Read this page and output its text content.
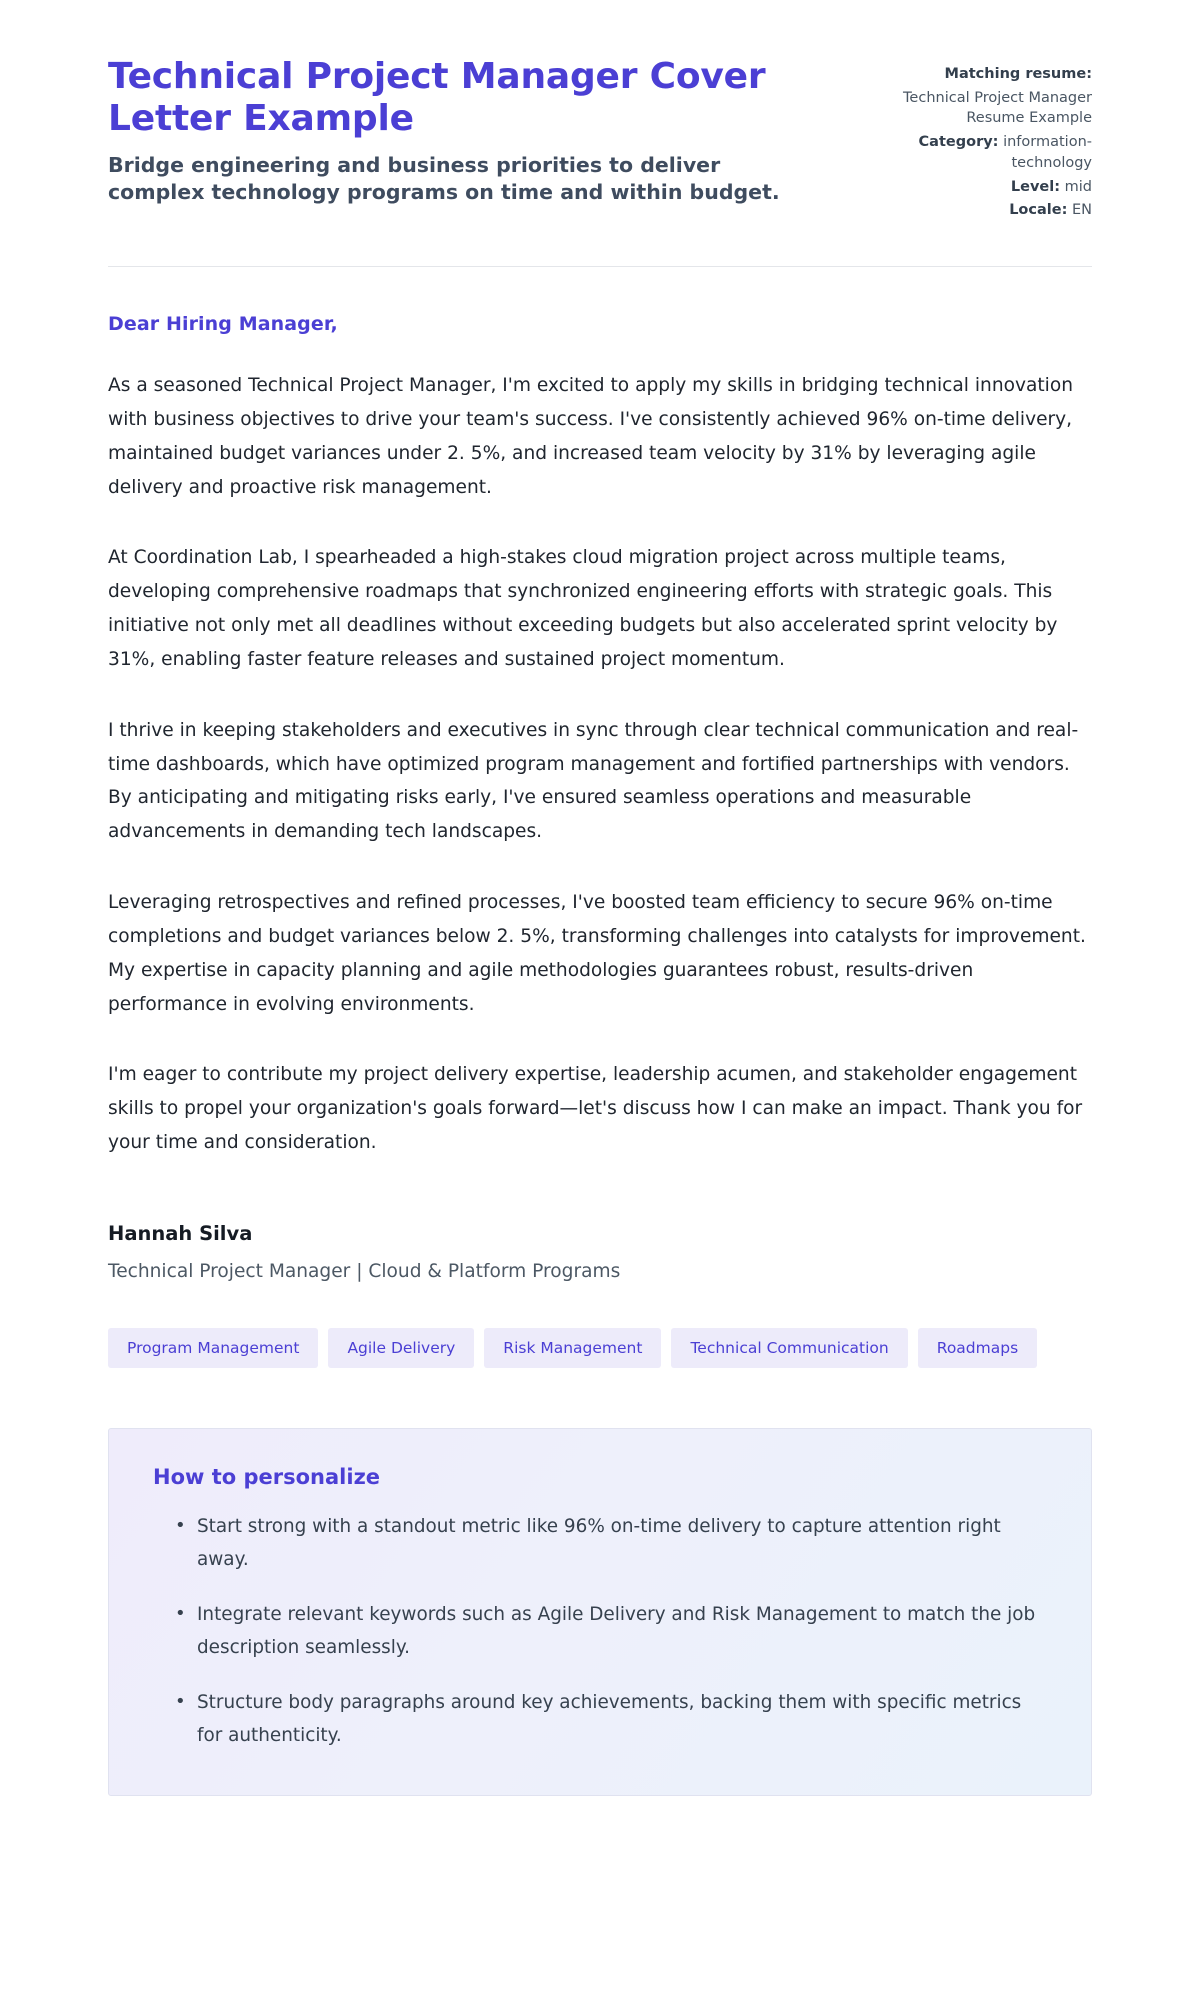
Technical Project Manager Cover Letter Example

Bridge engineering and business priorities to deliver complex technology programs on time and within budget.

Matching resume:
Technical Project Manager Resume Example
Category: information-technology
Level: mid
Locale: EN

Dear Hiring Manager,

As a seasoned Technical Project Manager, I'm excited to apply my skills in bridging technical innovation with business objectives to drive your team's success. I've consistently achieved 96% on-time delivery, maintained budget variances under 2. 5%, and increased team velocity by 31% by leveraging agile delivery and proactive risk management.

At Coordination Lab, I spearheaded a high-stakes cloud migration project across multiple teams, developing comprehensive roadmaps that synchronized engineering efforts with strategic goals. This initiative not only met all deadlines without exceeding budgets but also accelerated sprint velocity by 31%, enabling faster feature releases and sustained project momentum.

I thrive in keeping stakeholders and executives in sync through clear technical communication and real-time dashboards, which have optimized program management and fortified partnerships with vendors. By anticipating and mitigating risks early, I've ensured seamless operations and measurable advancements in demanding tech landscapes.

Leveraging retrospectives and refined processes, I've boosted team efficiency to secure 96% on-time completions and budget variances below 2. 5%, transforming challenges into catalysts for improvement. My expertise in capacity planning and agile methodologies guarantees robust, results-driven performance in evolving environments.

I'm eager to contribute my project delivery expertise, leadership acumen, and stakeholder engagement skills to propel your organization's goals forward—let's discuss how I can make an impact. Thank you for your time and consideration.

Hannah Silva

Technical Project Manager | Cloud & Platform Programs

Program Management	Agile Delivery	Risk Management	Technical Communication	Roadmaps
How to personalize
• Start strong with a standout metric like 96% on-time delivery to capture attention right away.
• Integrate relevant keywords such as Agile Delivery and Risk Management to match the job description seamlessly.
• Structure body paragraphs around key achievements, backing them with specific metrics for authenticity.
